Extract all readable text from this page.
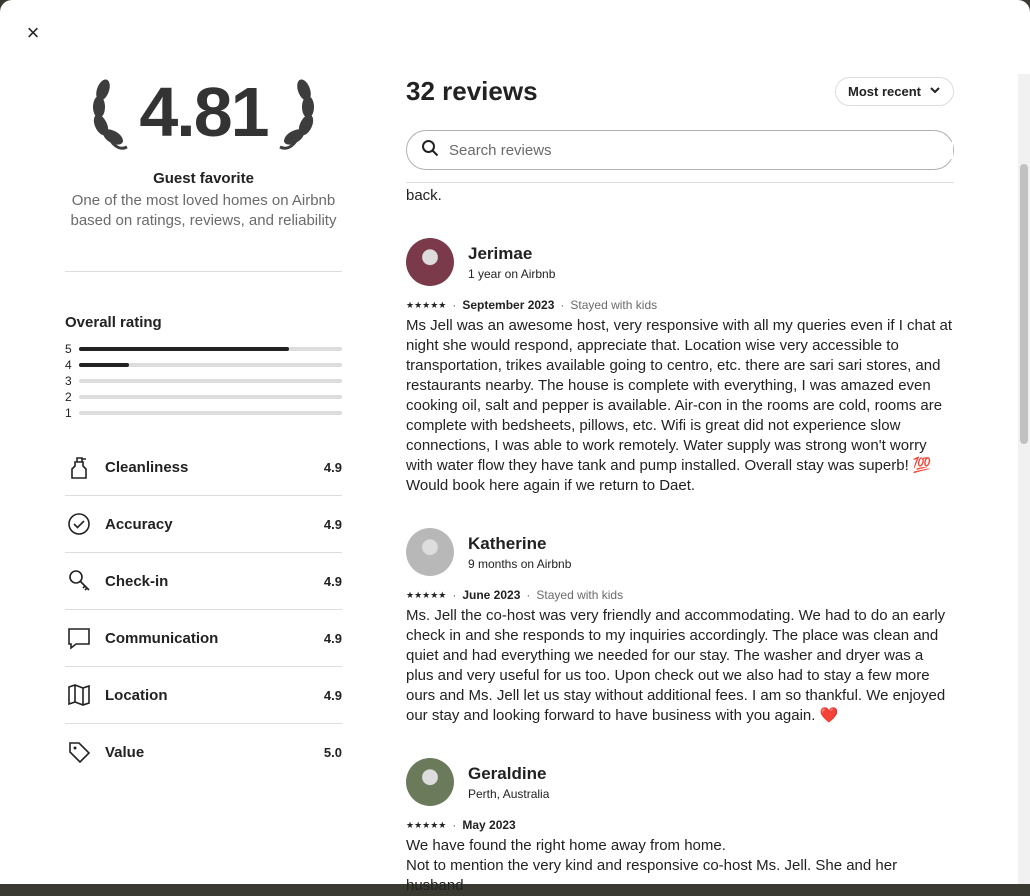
×
4.81
Guest favorite
One of the most loved homes on Airbnb based on ratings, reviews, and reliability
Overall rating
5
4
3
2
1
Cleanliness	4.9
Accuracy	4.9
Check-in	4.9
Communication	4.9
Location	4.9
Value	5.0
32 reviews	Most recent
Search reviews
back.
Jerimae
1 year on Airbnb
★★★★★ · September 2023 · Stayed with kids
Ms Jell was an awesome host, very responsive with all my queries even if I chat at night she would respond, appreciate that. Location wise very accessible to transportation, trikes available going to centro, etc. there are sari sari stores, and restaurants nearby. The house is complete with everything, I was amazed even cooking oil, salt and pepper is available. Air-con in the rooms are cold, rooms are complete with bedsheets, pillows, etc. Wifi is great did not experience slow connections, I was able to work remotely. Water supply was strong won't worry with water flow they have tank and pump installed. Overall stay was superb! 💯 Would book here again if we return to Daet.
Katherine
9 months on Airbnb
★★★★★ · June 2023 · Stayed with kids
Ms. Jell the co-host was very friendly and accommodating. We had to do an early check in and she responds to my inquiries accordingly. The place was clean and quiet and had everything we needed for our stay. The washer and dryer was a plus and very useful for us too. Upon check out we also had to stay a few more ours and Ms. Jell let us stay without additional fees. I am so thankful. We enjoyed our stay and looking forward to have business with you again. ❤️
Geraldine
Perth, Australia
★★★★★ · May 2023
We have found the right home away from home.
Not to mention the very kind and responsive co-host Ms. Jell. She and her husband
